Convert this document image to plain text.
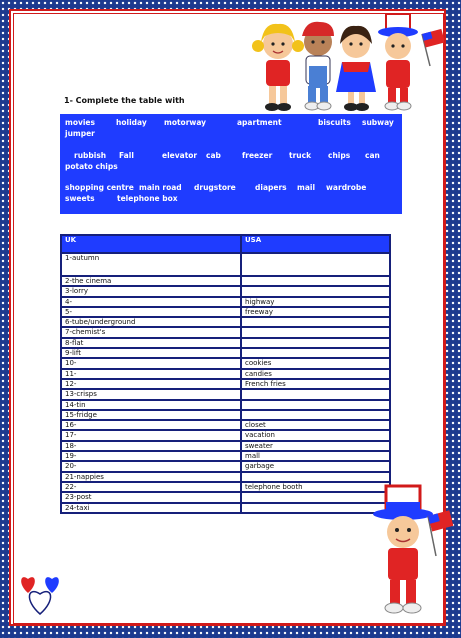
1- Complete the table with
movies	holiday motorway	apartment	biscuits subway
jumper
rubbish Fall	elevator cab	freezer truck chips can
potato chips
shopping centre main road drugstore	diapers mail wardrobe
sweets	telephone box
UK	USA
1-autumn	
2-the cinema	
3-lorry	
4-	highway
5-	freeway
6-tube/underground	
7-chemist's	
8-flat	
9-lift	
10-	cookies
11-	candies
12-	French fries
13-crisps	
14-tin	
15-fridge	
16-	closet
17-	vacation
18-	sweater
19-	mall
20-	garbage
21-nappies	
22-	telephone booth
23-post	
24-taxi	
